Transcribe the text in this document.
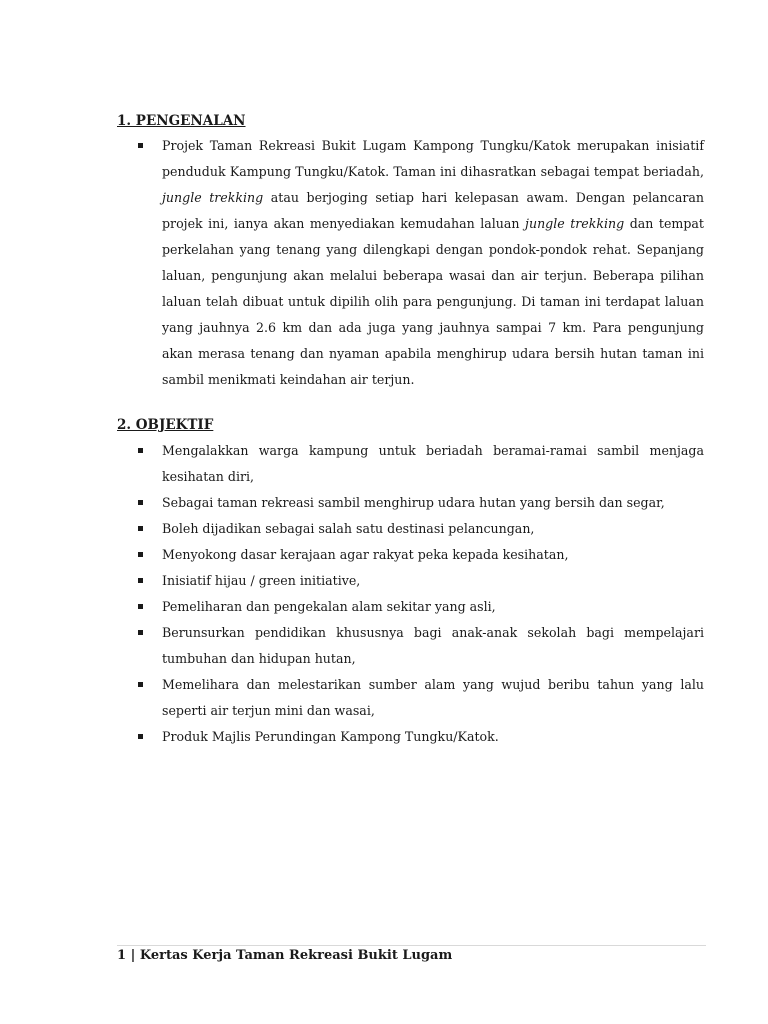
1. PENGENALAN

Projek Taman Rekreasi Bukit Lugam Kampong Tungku/Katok merupakan inisiatif penduduk Kampung Tungku/Katok. Taman ini dihasratkan sebagai tempat beriadah, jungle trekking atau berjoging setiap hari kelepasan awam. Dengan pelancaran projek ini, ianya akan menyediakan kemudahan laluan jungle trekking dan tempat perkelahan yang tenang yang dilengkapi dengan pondok-pondok rehat. Sepanjang laluan, pengunjung akan melalui beberapa wasai dan air terjun. Beberapa pilihan laluan telah dibuat untuk dipilih olih para pengunjung. Di taman ini terdapat laluan yang jauhnya 2.6 km dan ada juga yang jauhnya sampai 7 km. Para pengunjung akan merasa tenang dan nyaman apabila menghirup udara bersih hutan taman ini sambil menikmati keindahan air terjun.

2. OBJEKTIF

Mengalakkan warga kampung untuk beriadah beramai-ramai sambil menjaga kesihatan diri,
Sebagai taman rekreasi sambil menghirup udara hutan yang bersih dan segar,
Boleh dijadikan sebagai salah satu destinasi pelancungan,
Menyokong dasar kerajaan agar rakyat peka kepada kesihatan,
Inisiatif hijau / green initiative,
Pemeliharan dan pengekalan alam sekitar yang asli,
Berunsurkan pendidikan khususnya bagi anak-anak sekolah bagi mempelajari tumbuhan dan hidupan hutan,
Memelihara dan melestarikan sumber alam yang wujud beribu tahun yang lalu seperti air terjun mini dan wasai,
Produk Majlis Perundingan Kampong Tungku/Katok.
1 | Kertas Kerja Taman Rekreasi Bukit Lugam
